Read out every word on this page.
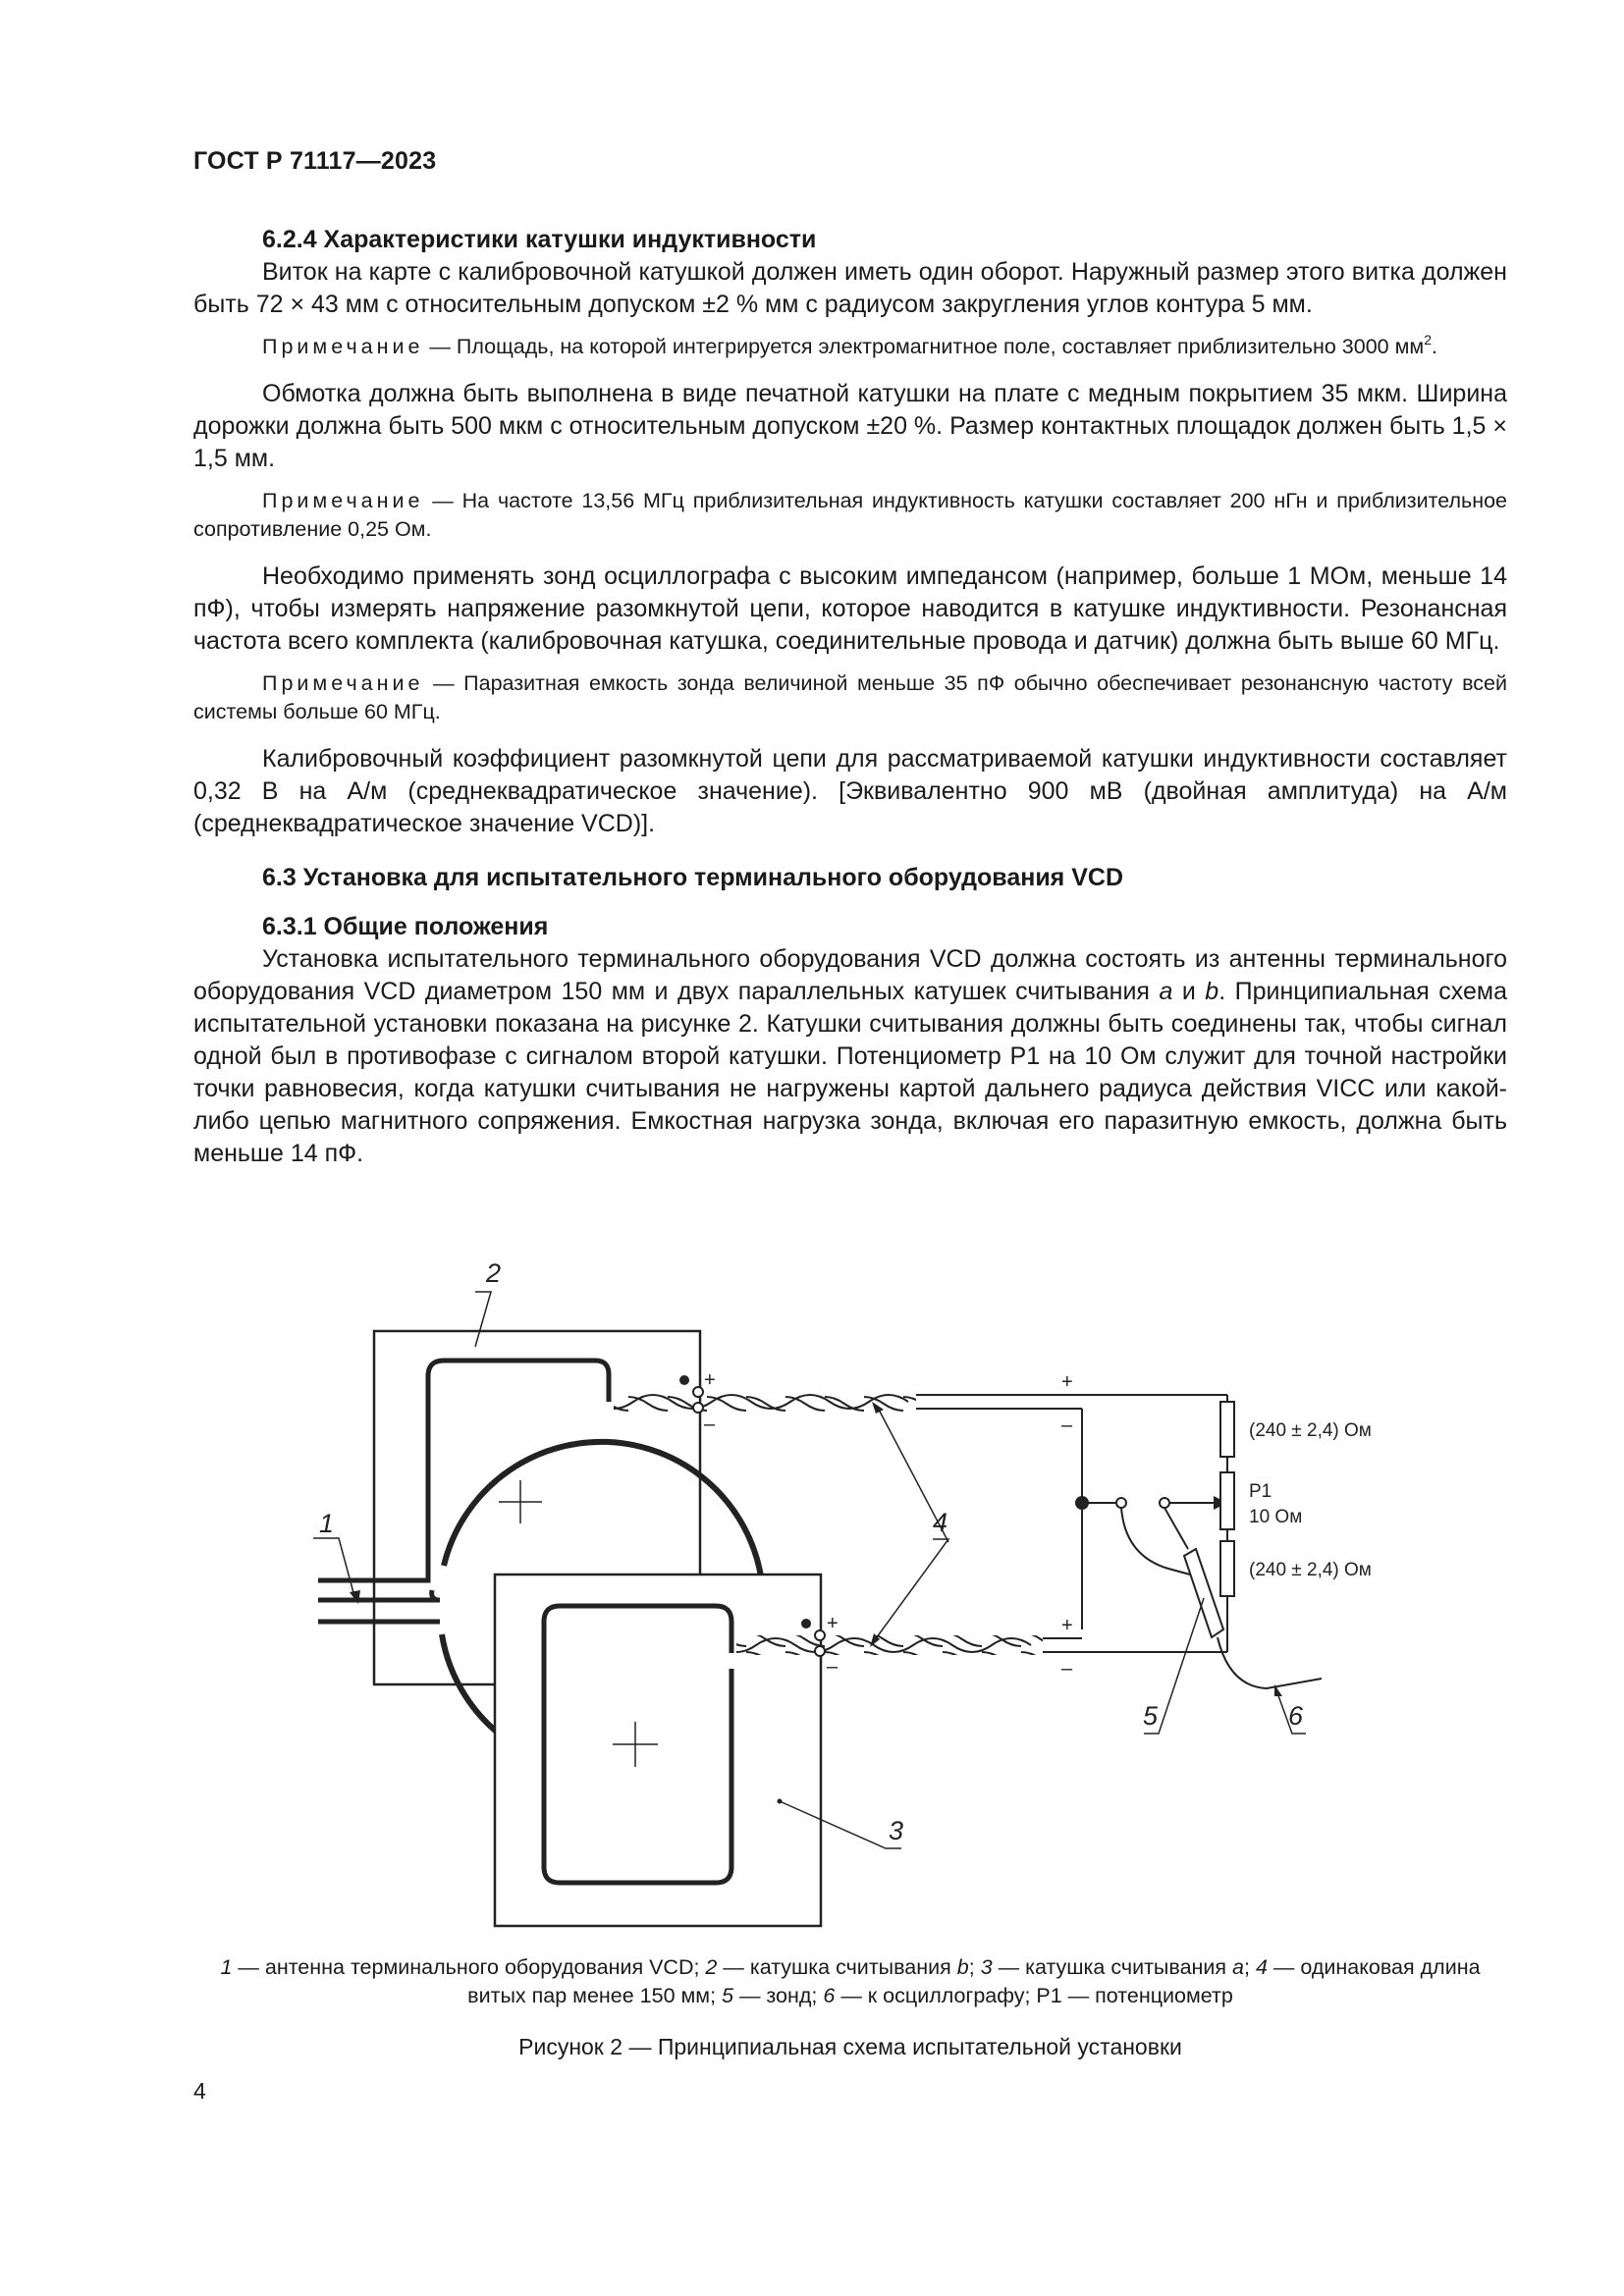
ГОСТ Р 71117—2023

6.2.4 Характеристики катушки индуктивности

Виток на карте с калибровочной катушкой должен иметь один оборот. Наружный размер этого витка должен быть 72 × 43 мм с относительным допуском ±2 % мм с радиусом закругления углов контура 5 мм.

Примечание — Площадь, на которой интегрируется электромагнитное поле, составляет приблизительно 3000 $мм^2$.

Обмотка должна быть выполнена в виде печатной катушки на плате с медным покрытием 35 мкм. Ширина дорожки должна быть 500 мкм с относительным допуском ±20 %. Размер контактных площадок должен быть 1,5 × 1,5 мм.

Примечание — На частоте 13,56 МГц приблизительная индуктивность катушки составляет 200 нГн и приблизительное сопротивление 0,25 Ом.

Необходимо применять зонд осциллографа с высоким импедансом (например, больше 1 МОм, меньше 14 пФ), чтобы измерять напряжение разомкнутой цепи, которое наводится в катушке индуктивности. Резонансная частота всего комплекта (калибровочная катушка, соединительные провода и датчик) должна быть выше 60 МГц.

Примечание — Паразитная емкость зонда величиной меньше 35 пФ обычно обеспечивает резонансную частоту всей системы больше 60 МГц.

Калибровочный коэффициент разомкнутой цепи для рассматриваемой катушки индуктивности составляет 0,32 В на А/м (среднеквадратическое значение). [Эквивалентно 900 мВ (двойная амплитуда) на А/м (среднеквадратическое значение VCD)].

6.3 Установка для испытательного терминального оборудования VCD

6.3.1 Общие положения

Установка испытательного терминального оборудования VCD должна состоять из антенны терминального оборудования VCD диаметром 150 мм и двух параллельных катушек считывания a и b. Принципиальная схема испытательной установки показана на рисунке 2. Катушки считывания должны быть соединены так, чтобы сигнал одной был в противофазе с сигналом второй катушки. Потенциометр Р1 на 10 Ом служит для точной настройки точки равновесия, когда катушки считывания не нагружены картой дальнего радиуса действия VICC или какой-либо цепью магнитного сопряжения. Емкостная нагрузка зонда, включая его паразитную емкость, должна быть меньше 14 пФ.

2
1	4
5	6
3
+
–
+
–
+
–
+
–
(240 ± 2,4) Ом
Р1
10 Ом
(240 ± 2,4) Ом
1 — антенна терминального оборудования VCD; 2 — катушка считывания b; 3 — катушка считывания a; 4 — одинаковая длина
витых пар менее 150 мм; 5 — зонд; 6 — к осциллографу; Р1 — потенциометр
Рисунок 2 — Принципиальная схема испытательной установки
4
